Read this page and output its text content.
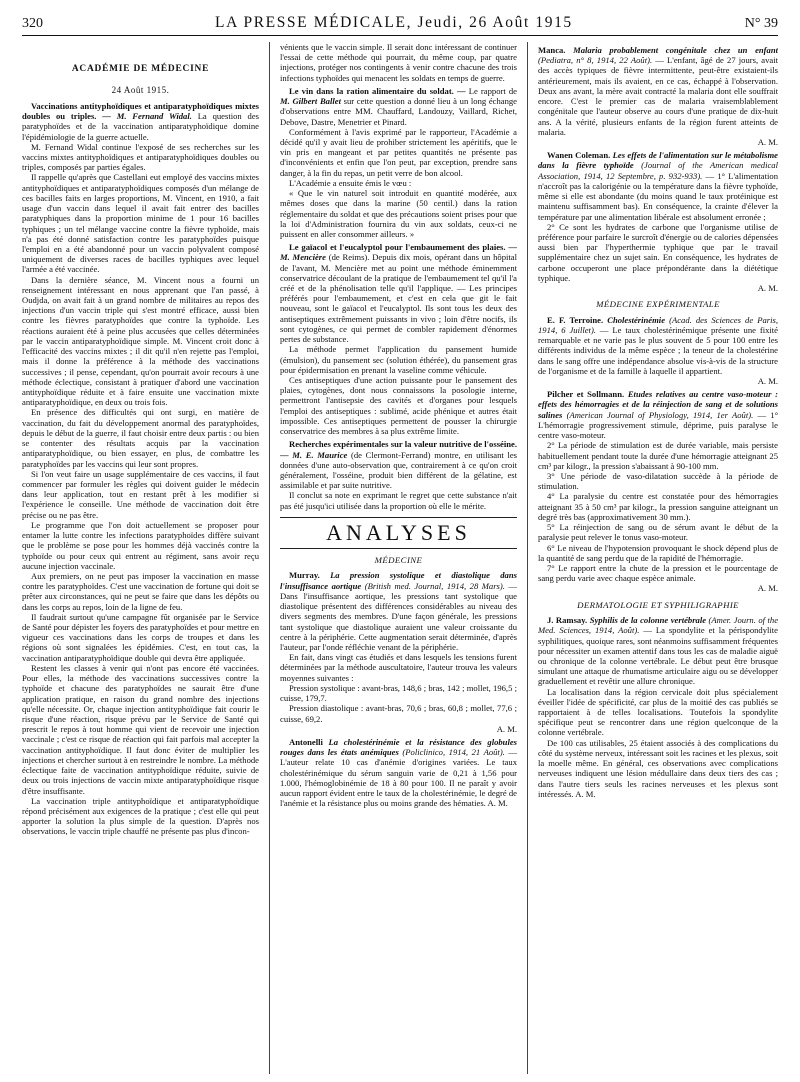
320	LA PRESSE MÉDICALE, Jeudi, 26 Août 1915	N° 39
ACADÉMIE DE MÉDECINE
24 Août 1915.

Vaccinations antityphoïdiques et antiparatyphoïdiques mixtes doubles ou triples. — M. Fernand Widal. La question des paratyphoïdes et de la vaccination antiparatyphoïdique domine l'épidémiologie de la guerre actuelle.

M. Fernand Widal continue l'exposé de ses recherches sur les vaccins mixtes antityphoïdiques et antiparatyphoïdiques doubles ou triples, composés par parties égales.

Il rappelle qu'après que Castellani eut employé des vaccins mixtes antityphoïdiques et antiparatyphoïdiques composés d'un mélange de ces bacilles faits en larges proportions, M. Vincent, en 1910, a fait usage d'un vaccin dans lequel il avait fait entrer des bacilles paratyphiques dans la proportion minime de 1 pour 16 bacilles typhiques ; un tel mélange vaccine contre la fièvre typhoïde, mais n'a pas été donné satisfaction contre les paratyphoïdes puisque l'emploi en a été abandonné pour un vaccin polyvalent composé uniquement de diverses races de bacilles typhiques avec lequel l'armée a été vaccinée.

Dans la dernière séance, M. Vincent nous a fourni un renseignement intéressant en nous apprenant que l'an passé, à Oudjda, on avait fait à un grand nombre de militaires au repos des injections d'un vaccin triple qui s'est montré efficace, aussi bien contre les fièvres paratyphoïdes que contre la typhoïde. Les réactions auraient été à peine plus accusées que celles déterminées par le vaccin antiparatyphoïdique simple. M. Vincent croit donc à l'efficacité des vaccins mixtes ; il dit qu'il n'en rejette pas l'emploi, mais il donne la préférence à la méthode des vaccinations successives ; il pense, cependant, qu'on pourrait avoir recours à une méthode éclectique, consistant à pratiquer d'abord une vaccination antityphoïdique réduite et à faire ensuite une vaccination mixte antiparatyphoïdique, en deux ou trois fois.

En présence des difficultés qui ont surgi, en matière de vaccination, du fait du développement anormal des paratyphoïdes, depuis le début de la guerre, il faut choisir entre deux partis : ou bien se contenter des résultats acquis par la vaccination antiparatyphoïdique, ou bien essayer, en plus, de combattre les paratyphoïdes par les vaccins qui leur sont propres.

Si l'on veut faire un usage supplémentaire de ces vaccins, il faut commencer par formuler les règles qui doivent guider le médecin dans leur application, tout en restant prêt à les modifier si l'expérience le conseille. Une méthode de vaccination doit être précise ou ne pas être.

Le programme que l'on doit actuellement se proposer pour entamer la lutte contre les infections paratyphoïdes diffère suivant que le problème se pose pour les hommes déjà vaccinés contre la typhoïde ou pour ceux qui entrent au régiment, sans avoir reçu aucune injection vaccinale.

Aux premiers, on ne peut pas imposer la vaccination en masse contre les paratyphoïdes. C'est une vaccination de fortune qui doit se prêter aux circonstances, qui ne peut se faire que dans les dépôts ou dans les corps au repos, loin de la ligne de feu.

Il faudrait surtout qu'une campagne fût organisée par le Service de Santé pour dépister les foyers des paratyphoïdes et pour mettre en vigueur ces vaccinations dans les corps de troupes et dans les régions où sont signalées les épidémies. C'est, en tout cas, la vaccination antiparatyphoïdique double qui devra être appliquée.

Restent les classes à venir qui n'ont pas encore été vaccinées. Pour elles, la méthode des vaccinations successives contre la typhoïde et chacune des paratyphoïdes ne saurait être d'une application pratique, en raison du grand nombre des injections qu'elle nécessite. Or, chaque injection antityphoïdique fait courir le risque d'une réaction, risque prévu par le Service de Santé qui prescrit le repos à tout homme qui vient de recevoir une injection vaccinale ; c'est ce risque de réaction qui fait parfois mal accepter la vaccination antityphoïdique. Il faut donc éviter de multiplier les injections et chercher surtout à en restreindre le nombre. La méthode éclectique faite de vaccination antityphoïdique réduite, suivie de deux ou trois injections de vaccin mixte antiparatyphoïdique risque d'être insuffisante.

La vaccination triple antityphoïdique et antiparatyphoïdique répond précisément aux exigences de la pratique ; c'est elle qui peut apporter la solution la plus simple de la question. D'après nos observations, le vaccin triple chauffé ne présente pas plus d'incon-

vénients que le vaccin simple. Il serait donc intéressant de continuer l'essai de cette méthode qui pourrait, du même coup, par quatre injections, protéger nos contingents à venir contre chacune des trois infections typhoïdes qui menacent les soldats en temps de guerre.

Le vin dans la ration alimentaire du soldat. — Le rapport de M. Gilbert Ballet sur cette question a donné lieu à un long échange d'observations entre MM. Chauffard, Landouzy, Vaillard, Richet, Debove, Dastre, Menetrier et Pinard.

Conformément à l'avis exprimé par le rapporteur, l'Académie a décidé qu'il y avait lieu de prohiber strictement les apéritifs, que le vin pris en mangeant et par petites quantités ne présente pas d'inconvénients et enfin que l'on peut, par exception, prendre sans danger, à la fin du repas, un petit verre de bon alcool.

L'Académie a ensuite émis le vœu :

« Que le vin naturel soit introduit en quantité modérée, aux mêmes doses que dans la marine (50 centil.) dans la ration réglementaire du soldat et que des précautions soient prises pour que la loi d'Administration fournira du vin aux soldats, ceux-ci ne puissent en aller consommer ailleurs. »

Le gaïacol et l'eucalyptol pour l'embaumement des plaies. — M. Mencière (de Reims). Depuis dix mois, opérant dans un hôpital de l'avant, M. Mencière met au point une méthode éminemment conservatrice découlant de la pratique de l'embaumement tel qu'il l'a créé et de la phénolisation telle qu'il l'applique. — Les principes préférés pour l'embaumement, et c'est en cela que git le fait nouveau, sont le gaïacol et l'eucalyptol. Ils sont tous les deux des antiseptiques extrêmement puissants in vivo ; loin d'être nocifs, ils sont cytogènes, ce qui permet de combler rapidement d'énormes pertes de substance.

La méthode permet l'application du pansement humide (émulsion), du pansement sec (solution éthérée), du pansement gras pour épidermisation en prenant la vaseline comme véhicule.

Ces antiseptiques d'une action puissante pour le pansement des plaies, cytogènes, dont nous connaissons la posologie interne, permettront l'antisepsie des cavités et d'organes pour lesquels l'emploi des antiseptiques : sublimé, acide phénique et autres était impossible. Ces antiseptiques permettent de pousser la chirurgie conservatrice des membres à sa plus extrême limite.

Recherches expérimentales sur la valeur nutritive de l'osséine. — M. E. Maurice (de Clermont-Ferrand) montre, en utilisant les données d'une auto-observation que, contrairement à ce qu'on croit généralement, l'osséine, produit bien différent de la gélatine, est assimilable et par suite nutritive.

Il conclut sa note en exprimant le regret que cette substance n'ait pas été jusqu'ici utilisée dans la proportion où elle le mérite.

ANALYSES
MÉDECINE

Murray. La pression systolique et diastolique dans l'insuffisance aortique (British med. Journal, 1914, 28 Mars). — Dans l'insuffisance aortique, les pressions tant systolique que diastolique présentent des différences considérables au niveau des divers segments des membres. D'une façon générale, les pressions tant systolique que diastolique auraient une valeur croissante du centre à la périphérie. Cette augmentation serait déterminée, d'après l'auteur, par l'onde réfléchie venant de la périphérie.

En fait, dans vingt cas étudiés et dans lesquels les tensions furent déterminées par la méthode auscultatoire, l'auteur trouva les valeurs moyennes suivantes :

Pression systolique : avant-bras, 148,6 ; bras, 142 ; mollet, 196,5 ; cuisse, 179,7.

Pression diastolique : avant-bras, 70,6 ; bras, 60,8 ; mollet, 77,6 ; cuisse, 69,2.

A. M.

Antonelli La cholestérinémie et la résistance des globules rouges dans les états anémiques (Policlinico, 1914, 21 Août). — L'auteur relate 10 cas d'anémie d'origines variées. Le taux cholestérinémique du sérum sanguin varie de 0,21 à 1,56 pour 1.000, l'hémoglobinémie de 18 à 80 pour 100. Il ne paraît y avoir aucun rapport évident entre le taux de la cholestérinémie, le degré de l'anémie et la résistance plus ou moins grande des hématies. A. M.

Manca. Malaria probablement congénitale chez un enfant (Pediatra, n° 8, 1914, 22 Août). — L'enfant, âgé de 27 jours, avait des accès typiques de fièvre intermittente, peut-être existaient-ils antérieurement, mais ils avaient, en ce cas, échappé à l'observation. Deux ans avant, la mère avait contracté la malaria dont elle souffrait encore. C'est le premier cas de malaria vraisemblablement congénitale que l'auteur observe au cours d'une pratique de dix-huit ans. A la vérité, plusieurs enfants de la région furent atteints de malaria.

A. M.

Wanen Coleman. Les effets de l'alimentation sur le métabolisme dans la fièvre typhoïde (Journal of the American medical Association, 1914, 12 Septembre, p. 932-933). — 1° L'alimentation n'accroît pas la calorigénie ou la température dans la fièvre typhoïde, même si elle est abondante (du moins quand le taux protéinique est maintenu suffisamment bas). En conséquence, la crainte d'élever la température par une alimentation libérale est absolument erronée ;

2° Ce sont les hydrates de carbone que l'organisme utilise de préférence pour parfaire le surcroît d'énergie ou de calories dépensées aussi bien par l'hyperthermie typhique que par le travail supplémentaire chez un sujet sain. En conséquence, les hydrates de carbone occuperont une place prépondérante dans la diététique typhique.

A. M.
MÉDECINE EXPÉRIMENTALE

E. F. Terroine. Cholestérinémie (Acad. des Sciences de Paris, 1914, 6 Juillet). — Le taux cholestérinémique présente une fixité remarquable et ne varie pas le plus souvent de 5 pour 100 entre les différents individus de la même espèce ; la teneur de la cholestérine dans le sang offre une indépendance absolue vis-à-vis de la structure de l'organisme et de la famille à laquelle il appartient.

A. M.

Pilcher et Sollmann. Etudes relatives au centre vaso-moteur : effets des hémorragies et de la réinjection de sang et de solutions salines (American Journal of Physiology, 1914, 1er Août). — 1° L'hémorragie progressivement stimule, déprime, puis paralyse le centre vaso-moteur.

2° La période de stimulation est de durée variable, mais persiste habituellement pendant toute la durée d'une hémorragie atteignant 25 cm³ par kilogr., la pression s'abaissant à 90-100 mm.

3° Une période de vaso-dilatation succède à la période de stimulation.

4° La paralysie du centre est constatée pour des hémorragies atteignant 35 à 50 cm³ par kilogr., la pression sanguine atteignant un degré très bas (approximativement 30 mm.).

5° La réinjection de sang ou de sérum avant le début de la paralysie peut relever le tonus vaso-moteur.

6° Le niveau de l'hypotension provoquant le shock dépend plus de la quantité de sang perdu que de la rapidité de l'hémorragie.

7° Le rapport entre la chute de la pression et le pourcentage de sang perdu varie avec chaque espèce animale.

A. M.
DERMATOLOGIE ET SYPHILIGRAPHIE

J. Ramsay. Syphilis de la colonne vertébrale (Amer. Journ. of the Med. Sciences, 1914, Août). — La spondylite et la périspondylite syphilitiques, quoique rares, sont néanmoins suffisamment fréquentes pour nécessiter un examen attentif dans tous les cas de maladie aiguë ou chronique de la colonne vertébrale. Le début peut être brusque simulant une attaque de rhumatisme articulaire aigu ou se développer graduellement et revêtir une allure chronique.

La localisation dans la région cervicale doit plus spécialement éveiller l'idée de spécificité, car plus de la moitié des cas publiés se rapportaient à de telles localisations. Toutefois la spondylite spécifique peut se rencontrer dans une région quelconque de la colonne vertébrale.

De 100 cas utilisables, 25 étaient associés à des complications du côté du système nerveux, intéressant soit les racines et les plexus, soit la moelle même. En général, ces observations avec complications nerveuses indiquent une lésion médullaire dans deux tiers des cas ; dans l'autre tiers seuls les racines nerveuses et les plexus sont intéressés. A. M.
